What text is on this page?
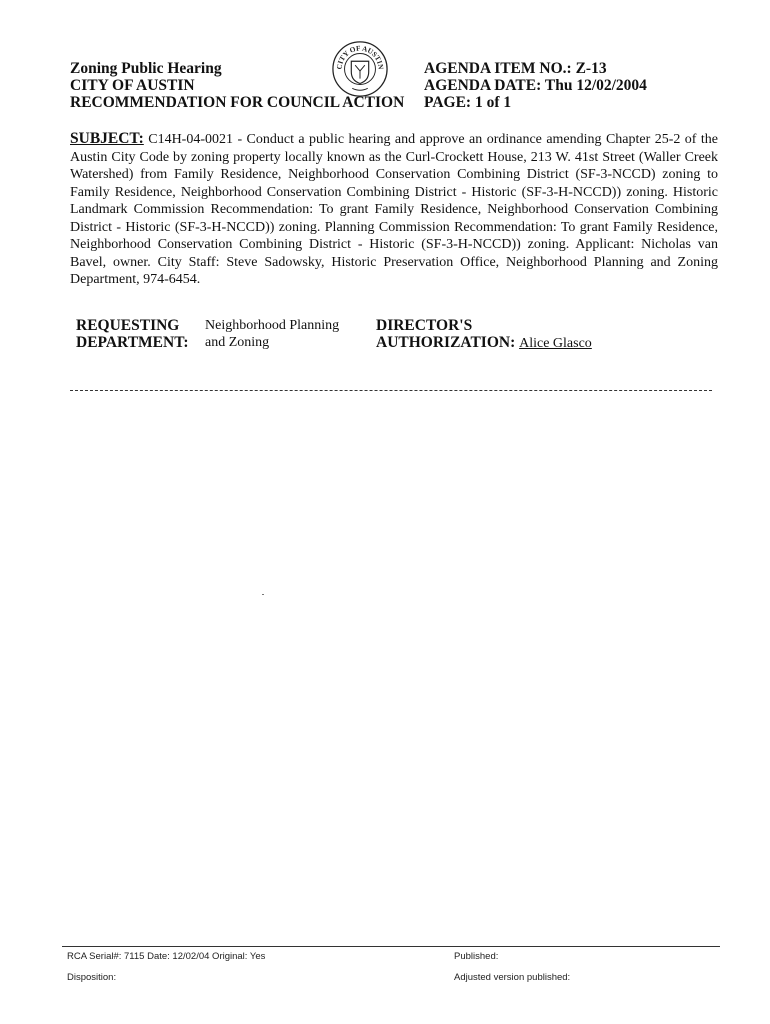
Zoning Public Hearing
CITY OF AUSTIN
RECOMMENDATION FOR COUNCIL ACTION
CITY OF AUSTIN	AGENDA ITEM NO.: Z-13
AGENDA DATE: Thu 12/02/2004
PAGE: 1 of 1
SUBJECT: C14H-04-0021 - Conduct a public hearing and approve an ordinance amending Chapter 25-2 of the Austin City Code by zoning property locally known as the Curl-Crockett House, 213 W. 41st Street (Waller Creek Watershed) from Family Residence, Neighborhood Conservation Combining District (SF-3-NCCD) zoning to Family Residence, Neighborhood Conservation Combining District - Historic (SF-3-H-NCCD)) zoning. Historic Landmark Commission Recommendation: To grant Family Residence, Neighborhood Conservation Combining District - Historic (SF-3-H-NCCD)) zoning. Planning Commission Recommendation: To grant Family Residence, Neighborhood Conservation Combining District - Historic (SF-3-H-NCCD)) zoning. Applicant: Nicholas van Bavel, owner. City Staff: Steve Sadowsky, Historic Preservation Office, Neighborhood Planning and Zoning Department, 974-6454.
REQUESTING
DEPARTMENT:
Neighborhood Planning
and Zoning
DIRECTOR'S
AUTHORIZATION: Alice Glasco
RCA Serial#: 7115 Date: 12/02/04 Original: Yes	Published:
Disposition:	Adjusted version published:
